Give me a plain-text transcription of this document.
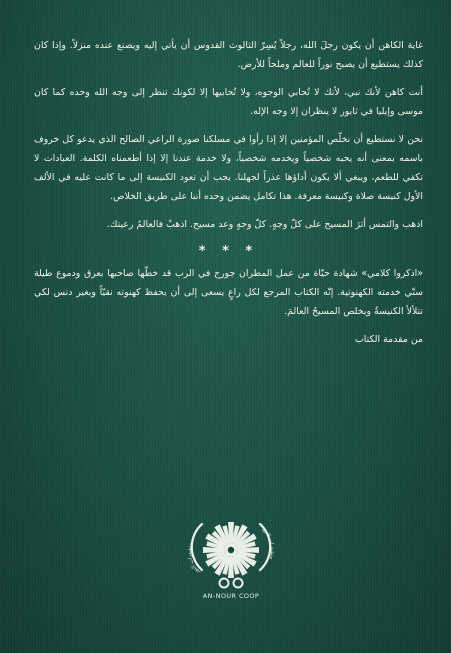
غاية الكاهن أن يكون رجلَ الله، رجلاً يُسِرّ الثالوث القدوس أن يأتي إليه ويصنع عنده منزلاً. وإذا كان كذلك يستطيع أن يصبح نوراً للعالم وملحاً للأرض.

أنت كاهن لأنك نبي، لأنك لا تُحابي الوجوه، ولا تُحابيها إلا لكونك تنظر إلى وجه الله وحده كما كان موسى وإيليا في ثابور لا ينظران إلا وجه الإله.

نحن لا نستطيع أن نخلّص المؤمنين إلا إذا رأوا في مسلكنا صورة الراعي الصالح الذي يدعو كل خروف باسمه بمعنى أنه يحبه شخصياً ويخدمه شخصياً، ولا خدمة عندنا إلا إذا أطعمناه الكلمة. العبادات لا تكفي للطعم، ويبغي ألا يكون أداؤها عذراً لجهلنا. يجب أن تعود الكنيسة إلى ما كانت عليه في الألف الأول كنيسة صلاة وكنيسة معرفة. هذا تكامل يضمن وحده أننا على طريق الخلاص.

اذهب والتمس أثرَ المسيح على كلّ وجهٍ. كلّ وجهٍ وعد مسيح. اذهبْ فالعالمُ رعيتك.

* * *

«اذكروا كلامي» شهادة حيّاة من عمل المطران جورج في الرب قد خطّها صاحبها بعرق ودموع طيلة ستّي خدمته الكهنوتية. إنّه الكتاب المرجع لكل راعٍ يسعى إلى أن يحفظ كهنوته نقيّاً وبغير دنس لكي تتلألأ الكنيسةُ ويخلص المسيحُ العالمَ.

من مقدمة الكتاب

منشورات النور
منشورات النور
AN-NOUR COOP
